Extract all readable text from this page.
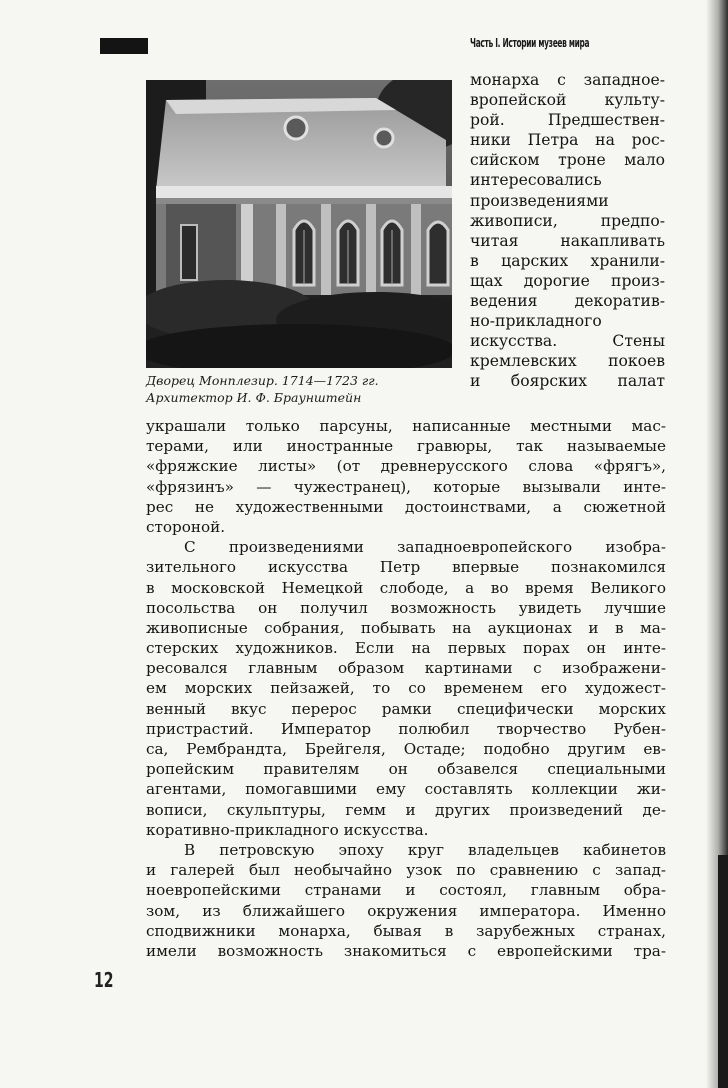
Часть I. Истории музеев мира
Дворец Монплезир. 1714—1723 гг.
Архитектор И. Ф. Браунштейн
монарха с западное-
вропейской культу-
рой. Предшествен-
ники Петра на рос-
сийском троне мало
интересовались
произведениями
живописи, предпо-
читая накапливать
в царских хранили-
щах дорогие произ-
ведения декоратив-
но-прикладного
искусства. Стены
кремлевских покоев
и боярских палат
украшали только парсуны, написанные местными мас-
терами, или иностранные гравюры, так называемые
«фряжские листы» (от древнерусского слова «фрягъ»,
«фрязинъ» — чужестранец), которые вызывали инте-
рес не художественными достоинствами, а сюжетной
стороной.
С произведениями западноевропейского изобра-
зительного искусства Петр впервые познакомился
в московской Немецкой слободе, а во время Великого
посольства он получил возможность увидеть лучшие
живописные собрания, побывать на аукционах и в ма-
стерских художников. Если на первых порах он инте-
ресовался главным образом картинами с изображени-
ем морских пейзажей, то со временем его художест-
венный вкус перерос рамки специфически морских
пристрастий. Император полюбил творчество Рубен-
са, Рембрандта, Брейгеля, Остаде; подобно другим ев-
ропейским правителям он обзавелся специальными
агентами, помогавшими ему составлять коллекции жи-
вописи, скульптуры, гемм и других произведений де-
коративно-прикладного искусства.
В петровскую эпоху круг владельцев кабинетов
и галерей был необычайно узок по сравнению с запад-
ноевропейскими странами и состоял, главным обра-
зом, из ближайшего окружения императора. Именно
сподвижники монарха, бывая в зарубежных странах,
имели возможность знакомиться с европейскими тра-
12
